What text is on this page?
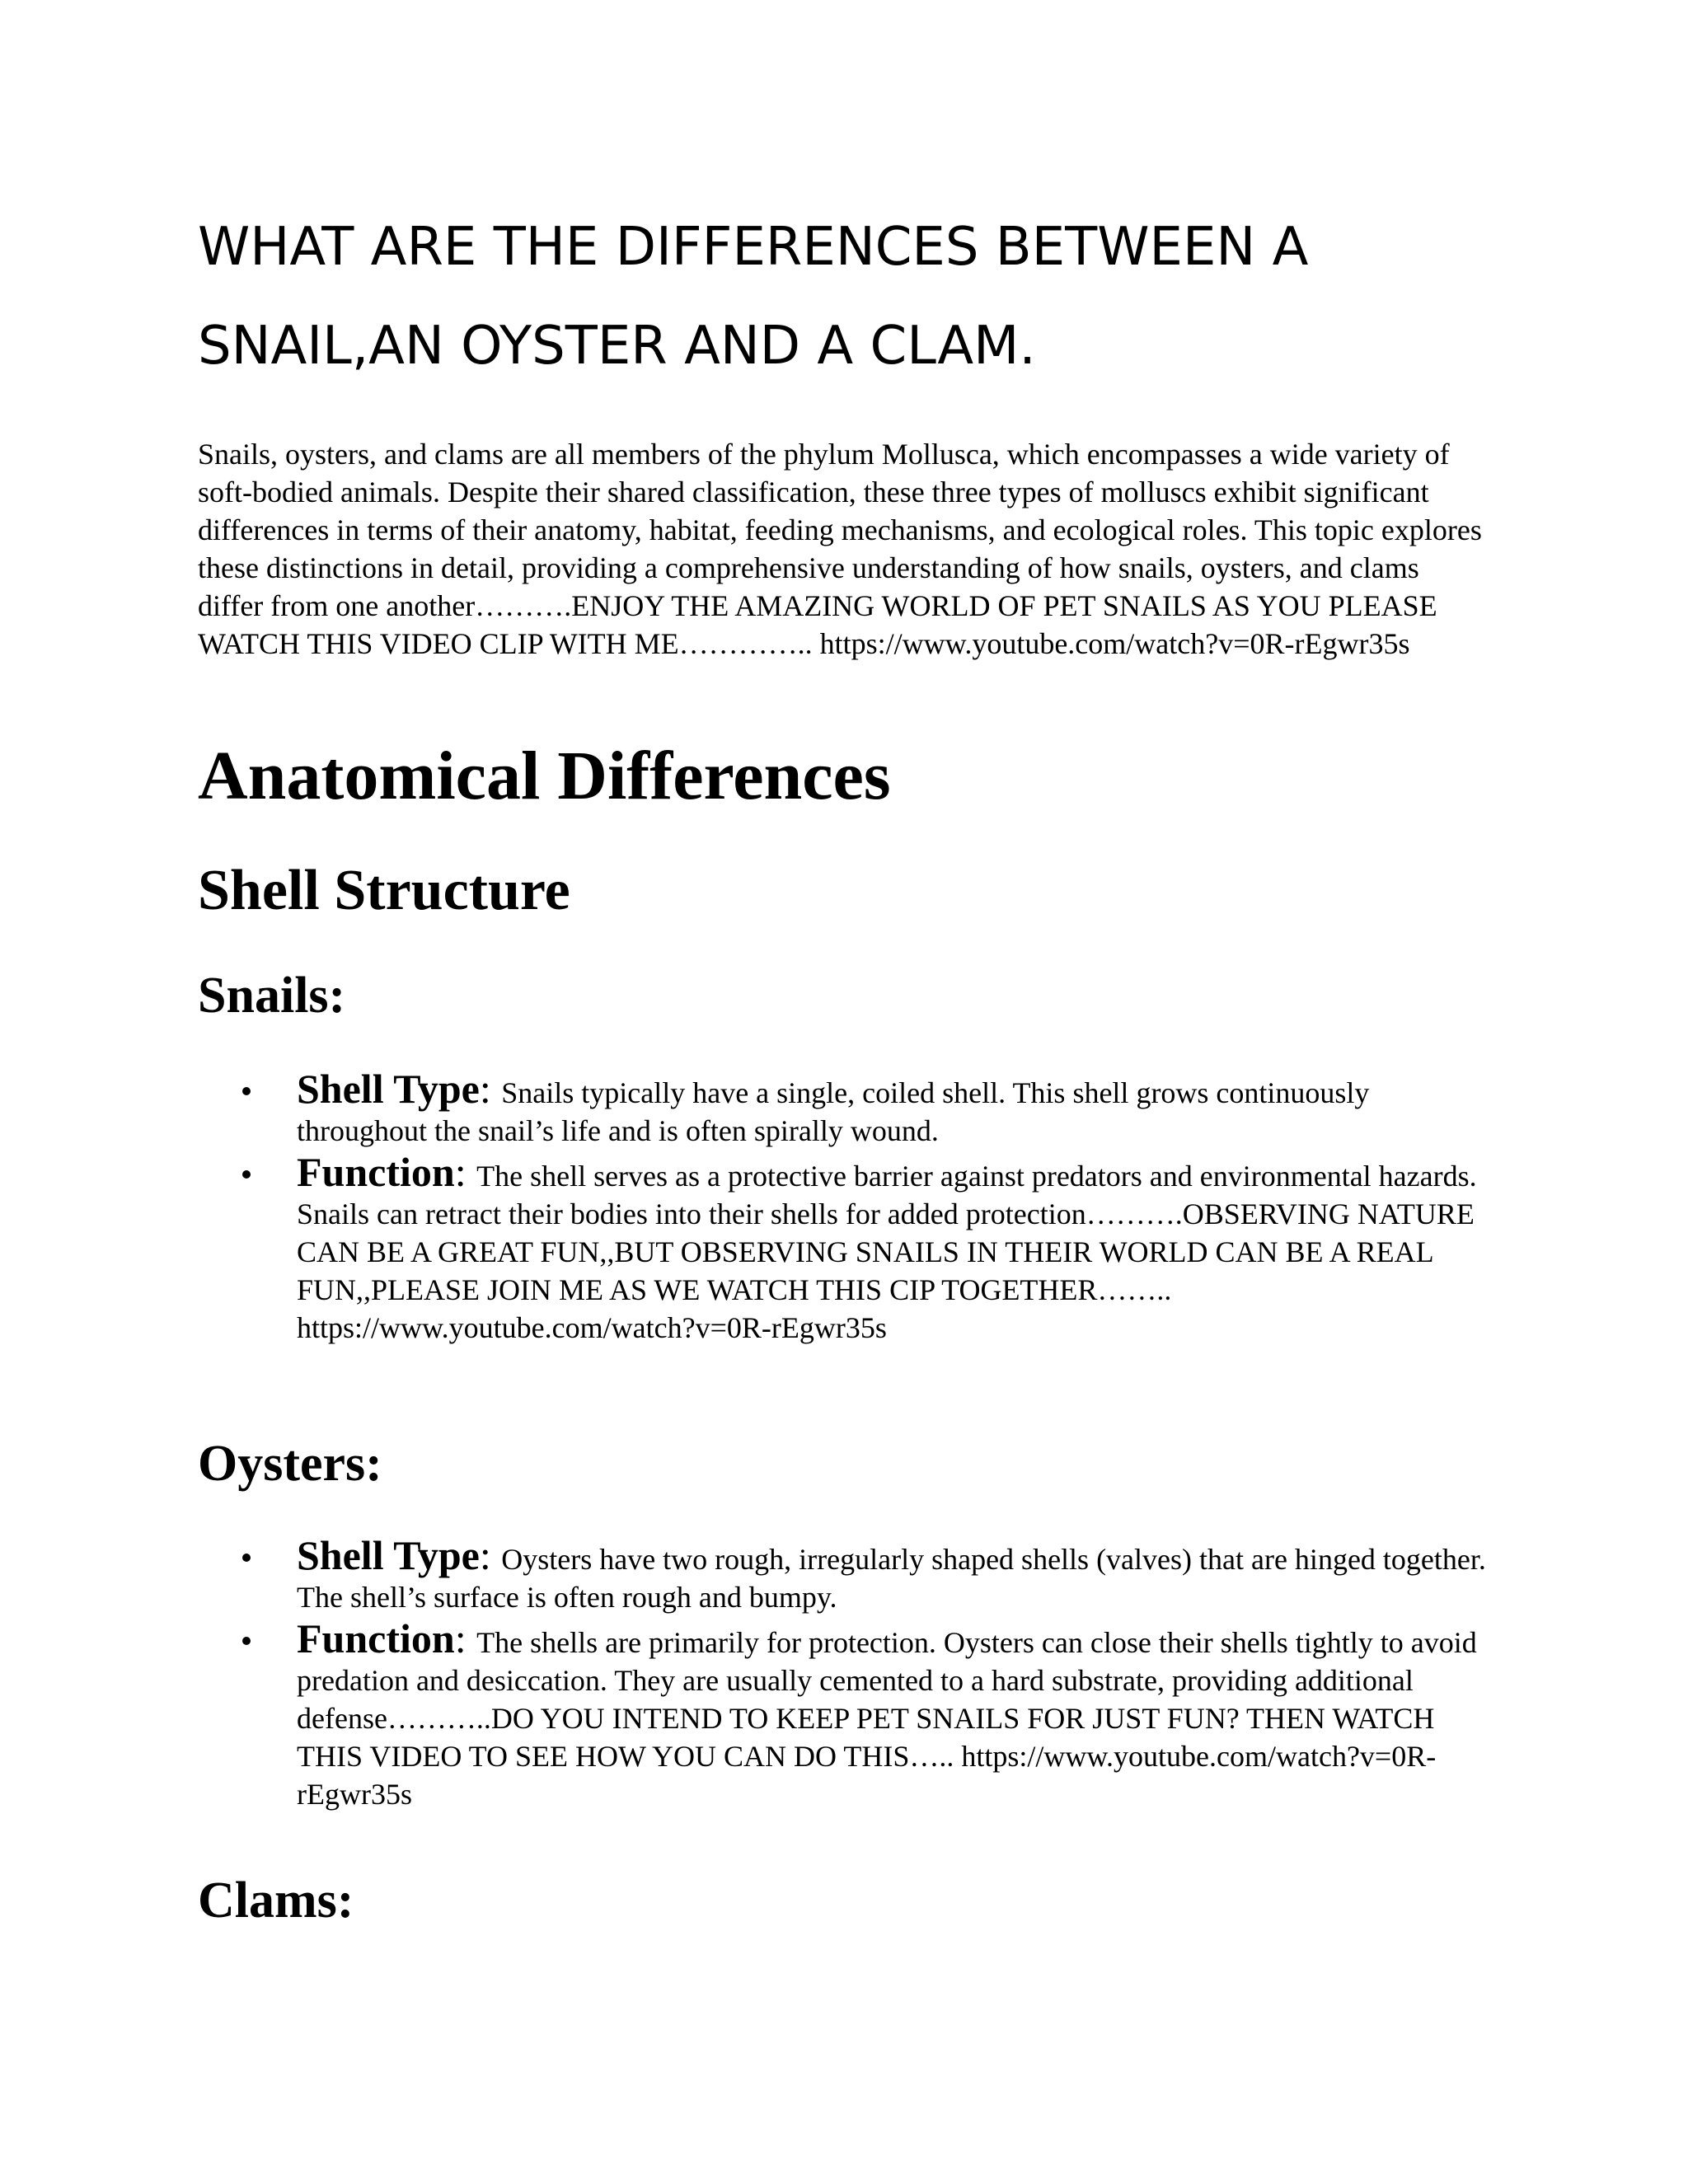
WHAT ARE THE DIFFERENCES BETWEEN A SNAIL,AN OYSTER AND A CLAM.

Snails, oysters, and clams are all members of the phylum Mollusca, which encompasses a wide variety of soft-bodied animals. Despite their shared classification, these three types of molluscs exhibit significant differences in terms of their anatomy, habitat, feeding mechanisms, and ecological roles. This topic explores these distinctions in detail, providing a comprehensive understanding of how snails, oysters, and clams differ from one another……….ENJOY THE AMAZING WORLD OF PET SNAILS AS YOU PLEASE WATCH THIS VIDEO CLIP WITH ME………….. https://www.youtube.com/watch?v=0R-rEgwr35s

Anatomical Differences
Shell Structure
Snails:
Shell Type: Snails typically have a single, coiled shell. This shell grows continuously throughout the snail’s life and is often spirally wound.
Function: The shell serves as a protective barrier against predators and environmental hazards. Snails can retract their bodies into their shells for added protection……….OBSERVING NATURE CAN BE A GREAT FUN,,BUT OBSERVING SNAILS IN THEIR WORLD CAN BE A REAL FUN,,PLEASE JOIN ME AS WE WATCH THIS CIP TOGETHER…….. https://www.youtube.com/watch?v=0R-rEgwr35s
Oysters:
Shell Type: Oysters have two rough, irregularly shaped shells (valves) that are hinged together. The shell’s surface is often rough and bumpy.
Function: The shells are primarily for protection. Oysters can close their shells tightly to avoid predation and desiccation. They are usually cemented to a hard substrate, providing additional defense………..DO YOU INTEND TO KEEP PET SNAILS FOR JUST FUN? THEN WATCH THIS VIDEO TO SEE HOW YOU CAN DO THIS….. https://www.youtube.com/watch?v=0R-rEgwr35s
Clams:
